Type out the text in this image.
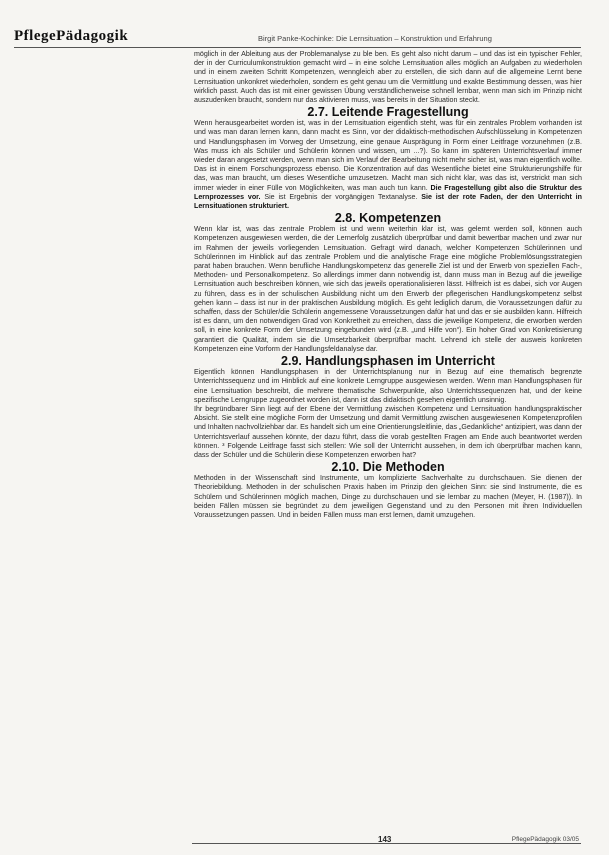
PflegePädagogik	Birgit Panke-Kochinke: Die Lernsituation – Konstruktion und Erfahrung

möglich in der Ableitung aus der Problemanalyse zu ble ben. Es geht also nicht darum – und das ist ein typischer Fehler, der in der Curriculumkonstruktion gemacht wird – in eine solche Lernsituation alles möglich an Aufgaben zu wiederholen und in einem zweiten Schritt Kompetenzen, wenngleich aber zu erstellen, die sich dann auf die allgemeine Lernt bene Lernsituation unkonkret wiederholen, sondern es geht genau um die Vermittlung und exakte Bestimmung dessen, was hier wirklich passt. Auch das ist mit einer gewissen Übung verständlicherweise schnell lernbar, wenn man sich im Prinzip nicht auszudenken braucht, sondern nur das aktivieren muss, was bereits in der Situation steckt.

2.7. Leitende Fragestellung

Wenn herausgearbeitet worden ist, was in der Lernsituation eigentlich steht, was für ein zentrales Problem vorhanden ist und was man daran lernen kann, dann macht es Sinn, vor der didaktisch-methodischen Aufschlüsselung in Kompetenzen und Handlungsphasen im Vorweg der Umsetzung, eine genaue Ausprägung in Form einer Leitfrage vorzunehmen (z.B. Was muss ich als Schüler und Schülerin können und wissen, um ...?). So kann im späteren Unterrichtsverlauf immer wieder daran angesetzt werden, wenn man sich im Verlauf der Bearbeitung nicht mehr sicher ist, was man eigentlich wollte. Das ist in einem Forschungsprozess ebenso. Die Konzentration auf das Wesentliche bietet eine Strukturierungshilfe für das, was man braucht, um dieses Wesentliche umzusetzen. Macht man sich nicht klar, was das ist, verstrickt man sich immer wieder in einer Fülle von Möglichkeiten, was man auch tun kann. Die Fragestellung gibt also die Struktur des Lernprozesses vor. Sie ist Ergebnis der vorgängigen Textanalyse. Sie ist der rote Faden, der den Unterricht in Lernsituationen strukturiert.

2.8. Kompetenzen

Wenn klar ist, was das zentrale Problem ist und wenn weiterhin klar ist, was gelernt werden soll, können auch Kompetenzen ausgewiesen werden, die der Lernerfolg zusätzlich überprüfbar und damit bewertbar machen und zwar nur im Rahmen der jeweils vorliegenden Lernsituation. Gefragt wird danach, welcher Kompetenzen Schülerinnen und Schülerinnen im Hinblick auf das zentrale Problem und die analytische Frage eine mögliche Problemlösungsstrategien parat haben brauchen. Wenn berufliche Handlungskompetenz das generelle Ziel ist und der Erwerb von speziellen Fach-, Methoden- und Personalkompetenz. So allerdings immer dann notwendig ist, dann muss man in Bezug auf die jeweilige Lernsituation auch beschreiben können, wie sich das jeweils operationalisieren lässt. Hilfreich ist es dabei, sich vor Augen zu führen, dass es in der schulischen Ausbildung nicht um den Erwerb der pflegerischen Handlungskompetenz selbst gehen kann – dass ist nur in der praktischen Ausbildung möglich. Es geht lediglich darum, die Voraussetzungen dafür zu schaffen, dass der Schüler/die Schülerin angemessene Voraussetzungen dafür hat und das er sie ausbilden kann. Hilfreich ist es dann, um den notwendigen Grad von Konkretheit zu erreichen, dass die jeweilige Kompetenz, die erworben werden soll, in eine konkrete Form der Umsetzung eingebunden wird (z.B. „und Hilfe von“). Ein hoher Grad von Konkretisierung garantiert die Qualität, indem sie die Umsetzbarkeit überprüfbar macht. Lehrend ich stelle der ausweis konkreten Kompetenzen eine Vorform der Handlungsfeldanalyse dar.

2.9. Handlungsphasen im Unterricht

Eigentlich können Handlungsphasen in der Unterrichtsplanung nur in Bezug auf eine thematisch begrenzte Unterrichtssequenz und im Hinblick auf eine konkrete Lerngruppe ausgewiesen werden. Wenn man Handlungsphasen für eine Lernsituation beschreibt, die mehrere thematische Schwerpunkte, also Unterrichtssequenzen hat, und der keine spezifische Lerngruppe zugeordnet worden ist, dann ist das didaktisch gesehen eigentlich unsinnig.
Ihr begründbarer Sinn liegt auf der Ebene der Vermittlung zwischen Kompetenz und Lernsituation handlungspraktischer Absicht. Sie stellt eine mögliche Form der Umsetzung und damit Vermittlung zwischen ausgewiesenen Kompetenzprofilen und Inhalten nachvollziehbar dar. Es handelt sich um eine Orientierungsleitlinie, das „Gedankliche“ antizipiert, was dann der Unterrichtsverlauf aussehen könnte, der dazu führt, dass die vorab gestellten Fragen am Ende auch beantwortet werden können. ³ Folgende Leitfrage fasst sich stellen: Wie soll der Unterricht aussehen, in dem ich überprüfbar machen kann, dass der Schüler und die Schülerin diese Kompetenzen erworben hat?

2.10. Die Methoden

Methoden in der Wissenschaft sind Instrumente, um komplizierte Sachverhalte zu durchschauen. Sie dienen der Theoriebildung. Methoden in der schulischen Praxis haben im Prinzip den gleichen Sinn: sie sind Instrumente, die es Schülern und Schülerinnen möglich machen, Dinge zu durchschauen und sie lernbar zu machen (Meyer, H. (1987)). In beiden Fällen müssen sie begründet zu dem jeweiligen Gegenstand und zu den Personen mit ihren Individuellen Voraussetzungen passen. Und in beiden Fällen muss man erst lernen, damit umzugehen.

143	PflegePädagogik 03/05
